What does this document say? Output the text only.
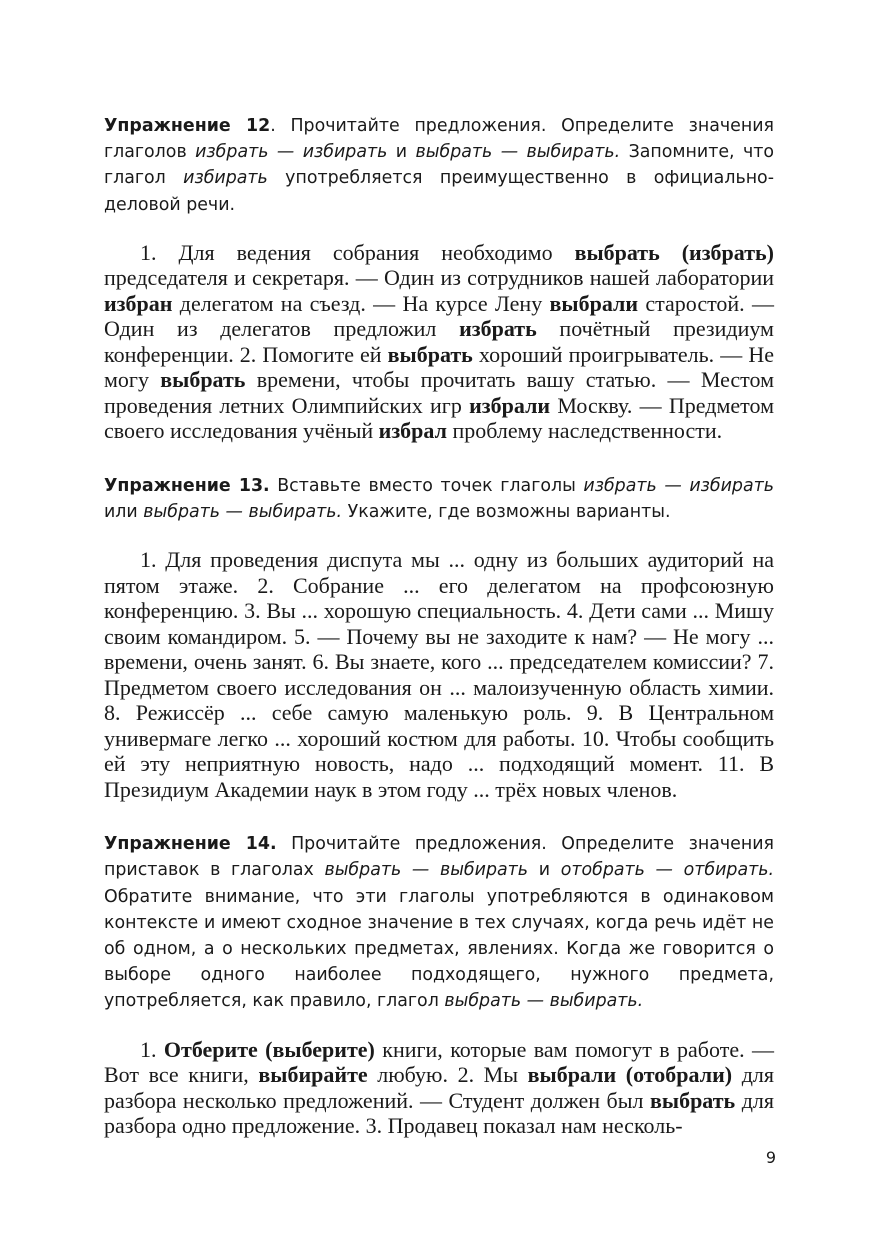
Упражнение 12. Прочитайте предложения. Определите значения глаголов избрать — избирать и выбрать — выбирать. Запомните, что глагол избирать употребляется преимущественно в официально-деловой речи.

1. Для ведения собрания необходимо выбрать (избрать) председателя и секретаря. — Один из сотрудников нашей лаборатории избран делегатом на съезд. — На курсе Лену выбрали старостой. — Один из делегатов предложил избрать почётный президиум конференции. 2. Помогите ей выбрать хороший проигрыватель. — Не могу выбрать времени, чтобы прочитать вашу статью. — Местом проведения летних Олимпийских игр избрали Москву. — Предметом своего исследования учёный избрал проблему наследственности.

Упражнение 13. Вставьте вместо точек глаголы избрать — избирать или выбрать — выбирать. Укажите, где возможны варианты.

1. Для проведения диспута мы ... одну из больших аудиторий на пятом этаже. 2. Собрание ... его делегатом на профсоюзную конференцию. 3. Вы ... хорошую специальность. 4. Дети сами ... Мишу своим командиром. 5. — Почему вы не заходите к нам? — Не могу ... времени, очень занят. 6. Вы знаете, кого ... председателем комиссии? 7. Предметом своего исследования он ... малоизученную область химии. 8. Режиссёр ... себе самую маленькую роль. 9. В Центральном универмаге легко ... хороший костюм для работы. 10. Чтобы сообщить ей эту неприятную новость, надо ... подходящий момент. 11. В Президиум Академии наук в этом году ... трёх новых членов.

Упражнение 14. Прочитайте предложения. Определите значения приставок в глаголах выбрать — выбирать и отобрать — отбирать. Обратите внимание, что эти глаголы употребляются в одинаковом контексте и имеют сходное значение в тех случаях, когда речь идёт не об одном, а о нескольких предметах, явлениях. Когда же говорится о выборе одного наиболее подходящего, нужного предмета, употребляется, как правило, глагол выбрать — выбирать.

1. Отберите (выберите) книги, которые вам помогут в работе. — Вот все книги, выбирайте любую. 2. Мы выбрали (отобрали) для разбора несколько предложений. — Студент должен был выбрать для разбора одно предложение. 3. Продавец показал нам несколь-

9
